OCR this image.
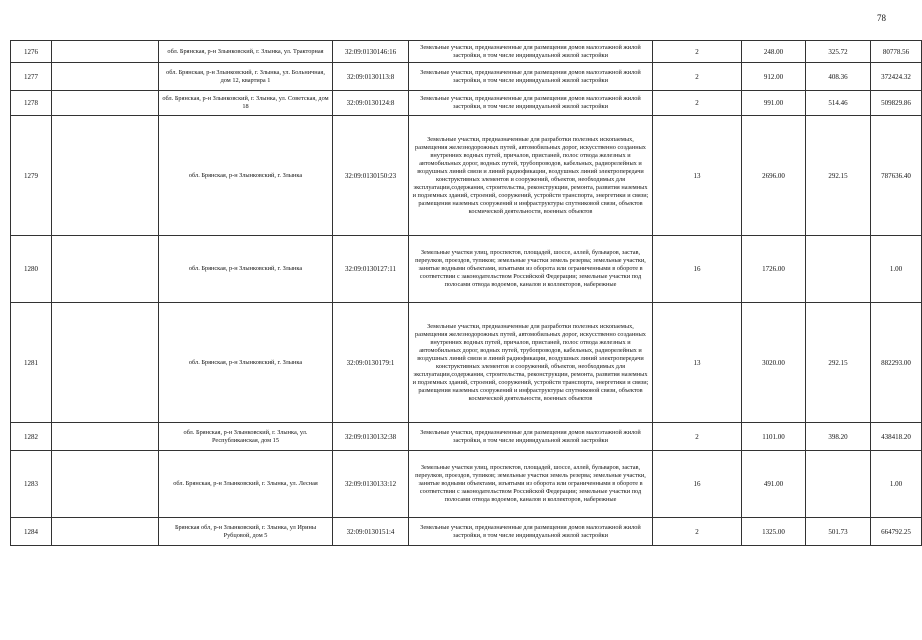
78
1276		обл. Брянская, р-н Злынковский, г. Злынка, ул. Тракторная	32:09:0130146:16	Земельные участки, предназначенные для размещения домов малоэтажной жилой застройки, в том числе индивидуальной жилой застройки	2	248.00	325.72	80778.56
1277		обл. Брянская, р-н Злынковский, г. Злынка, ул. Больничная, дом 12, квартира 1	32:09:0130113:8	Земельные участки, предназначенные для размещения домов малоэтажной жилой застройки, в том числе индивидуальной жилой застройки	2	912.00	408.36	372424.32
1278		обл. Брянская, р-н Злынковский, г. Злынка, ул. Советская, дом 18	32:09:0130124:8	Земельные участки, предназначенные для размещения домов малоэтажной жилой застройки, в том числе индивидуальной жилой застройки	2	991.00	514.46	509829.86
1279		обл. Брянская, р-н Злынковский, г. Злынка	32:09:0130150:23	Земельные участки, предназначенные для разработки полезных ископаемых, размещения железнодорожных путей, автомобильных дорог, искусственно созданных внутренних водных путей, причалов, пристаней, полос отвода железных и автомобильных дорог, водных путей, трубопроводов, кабельных, радиорелейных и воздушных линий связи и линий радиофикации, воздушных линий электропередачи конструктивных элементов и сооружений, объектов, необходимых для эксплуатации,содержания, строительства, реконструкции, ремонта, развития наземных и подземных зданий, строений, сооружений, устройств транспорта, энергетики и связи; размещения наземных сооружений и инфраструктуры спутниковой связи, объектов космической деятельности, военных объектов	13	2696.00	292.15	787636.40
1280		обл. Брянская, р-н Злынковский, г. Злынка	32:09:0130127:11	Земельные участки улиц, проспектов, площадей, шоссе, аллей, бульваров, застав, переулков, проездов, тупиков; земельные участки земель резерва; земельные участки, занятые водными объектами, изъятыми из оборота или ограниченными в обороте в соответствии с законодательством Российской Федерации; земельные участки под полосами отвода водоемов, каналов и коллекторов, набережные	16	1726.00		1.00
1281		обл. Брянская, р-н Злынковский, г. Злынка	32:09:0130179:1	Земельные участки, предназначенные для разработки полезных ископаемых, размещения железнодорожных путей, автомобильных дорог, искусственно созданных внутренних водных путей, причалов, пристаней, полос отвода железных и автомобильных дорог, водных путей, трубопроводов, кабельных, радиорелейных и воздушных линий связи и линий радиофикации, воздушных линий электропередачи конструктивных элементов и сооружений, объектов, необходимых для эксплуатации,содержания, строительства, реконструкции, ремонта, развития наземных и подземных зданий, строений, сооружений, устройств транспорта, энергетики и связи; размещения наземных сооружений и инфраструктуры спутниковой связи, объектов космической деятельности, военных объектов	13	3020.00	292.15	882293.00
1282		обл. Брянская, р-н Злынковский, г. Злынка, ул. Республиканская, дом 15	32:09:0130132:38	Земельные участки, предназначенные для размещения домов малоэтажной жилой застройки, в том числе индивидуальной жилой застройки	2	1101.00	398.20	438418.20
1283		обл. Брянская, р-н Злынковский, г. Злынка, ул. Лесная	32:09:0130133:12	Земельные участки улиц, проспектов, площадей, шоссе, аллей, бульваров, застав, переулков, проездов, тупиков; земельные участки земель резерва; земельные участки, занятые водными объектами, изъятыми из оборота или ограниченными в обороте в соответствии с законодательством Российской Федерации; земельные участки под полосами отвода водоемов, каналов и коллекторов, набережные	16	491.00		1.00
1284		Брянская обл, р-н Злынковский, г. Злынка, ул Ирины Рубцовой, дом 5	32:09:0130151:4	Земельные участки, предназначенные для размещения домов малоэтажной жилой застройки, в том числе индивидуальной жилой застройки	2	1325.00	501.73	664792.25
